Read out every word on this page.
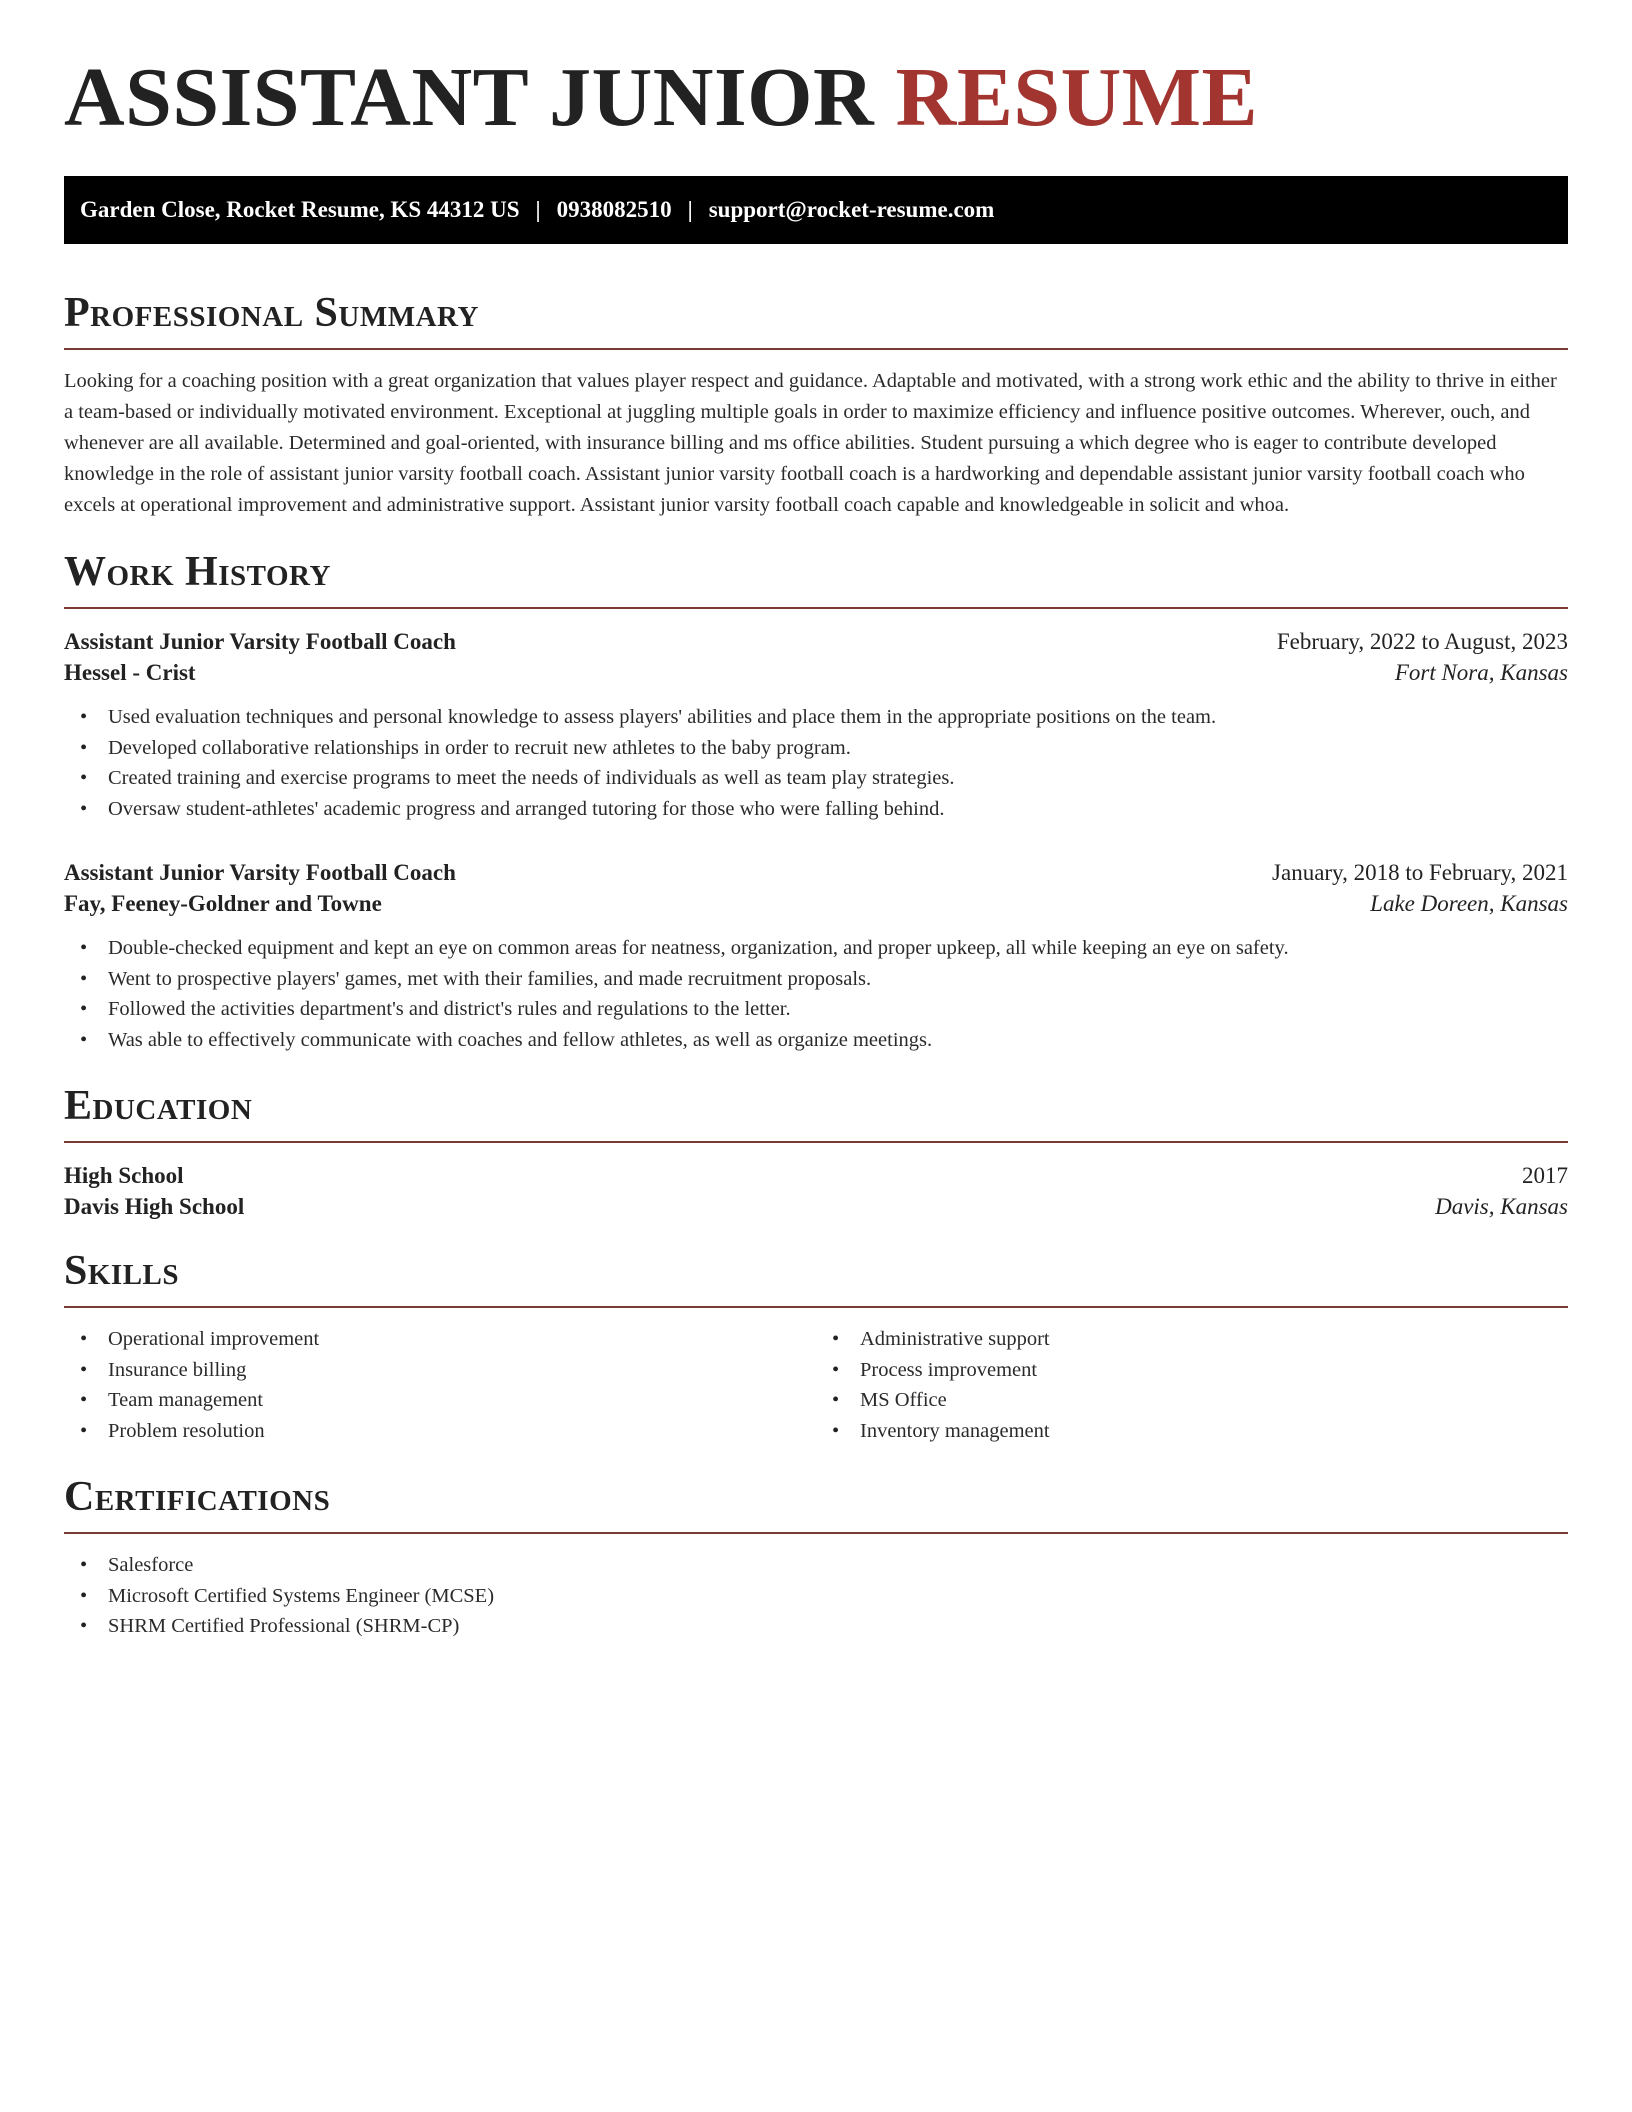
ASSISTANT JUNIOR RESUME
Garden Close, Rocket Resume, KS 44312 US | 0938082510 | support@rocket-resume.com
Professional Summary

Looking for a coaching position with a great organization that values player respect and guidance. Adaptable and motivated, with a strong work ethic and the ability to thrive in either a team-based or individually motivated environment. Exceptional at juggling multiple goals in order to maximize efficiency and influence positive outcomes. Wherever, ouch, and whenever are all available. Determined and goal-oriented, with insurance billing and ms office abilities. Student pursuing a which degree who is eager to contribute developed knowledge in the role of assistant junior varsity football coach. Assistant junior varsity football coach is a hardworking and dependable assistant junior varsity football coach who excels at operational improvement and administrative support. Assistant junior varsity football coach capable and knowledgeable in solicit and whoa.

Work History
Assistant Junior Varsity Football Coach	February, 2022 to August, 2023
Hessel - Crist	Fort Nora, Kansas
• Used evaluation techniques and personal knowledge to assess players' abilities and place them in the appropriate positions on the team.
• Developed collaborative relationships in order to recruit new athletes to the baby program.
• Created training and exercise programs to meet the needs of individuals as well as team play strategies.
• Oversaw student-athletes' academic progress and arranged tutoring for those who were falling behind.
Assistant Junior Varsity Football Coach	January, 2018 to February, 2021
Fay, Feeney-Goldner and Towne	Lake Doreen, Kansas
• Double-checked equipment and kept an eye on common areas for neatness, organization, and proper upkeep, all while keeping an eye on safety.
• Went to prospective players' games, met with their families, and made recruitment proposals.
• Followed the activities department's and district's rules and regulations to the letter.
• Was able to effectively communicate with coaches and fellow athletes, as well as organize meetings.
Education
High School	2017
Davis High School	Davis, Kansas
Skills
• Operational improvement
• Insurance billing
• Team management
• Problem resolution
• Administrative support
• Process improvement
• MS Office
• Inventory management
Certifications
• Salesforce
• Microsoft Certified Systems Engineer (MCSE)
• SHRM Certified Professional (SHRM-CP)
